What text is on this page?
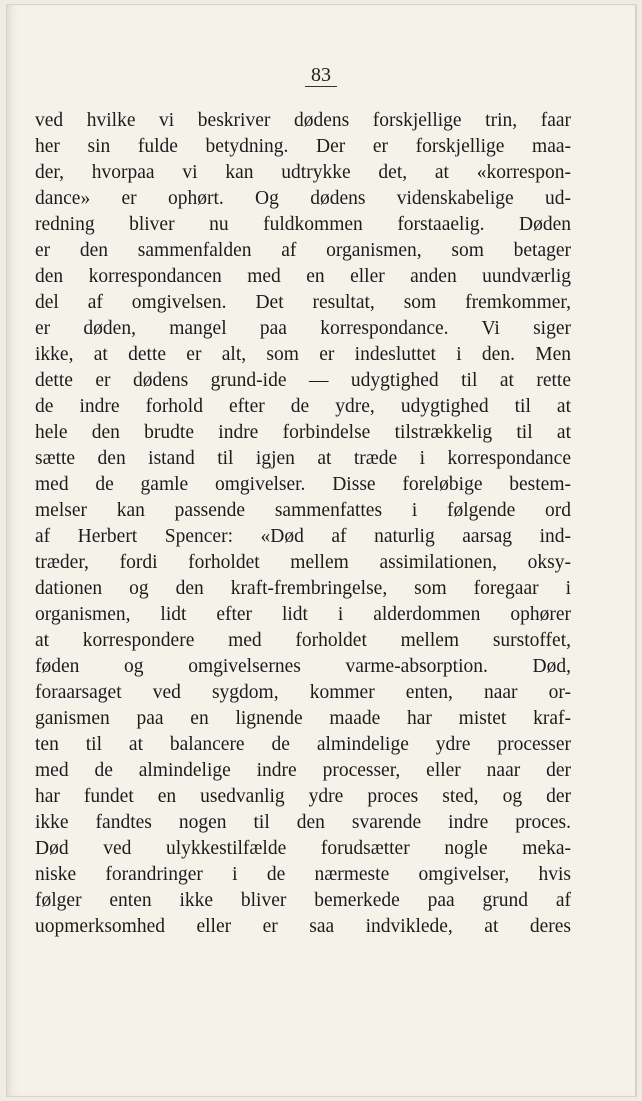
83
ved hvilke vi beskriver dødens forskjellige trin, faar
her sin fulde betydning. Der er forskjellige maa-
der, hvorpaa vi kan udtrykke det, at «korrespon-
dance» er ophørt. Og dødens videnskabelige ud-
redning bliver nu fuldkommen forstaaelig. Døden
er den sammenfalden af organismen, som betager
den korrespondancen med en eller anden uundværlig
del af omgivelsen. Det resultat, som fremkommer,
er døden, mangel paa korrespondance. Vi siger
ikke, at dette er alt, som er indesluttet i den. Men
dette er dødens grund-ide — udygtighed til at rette
de indre forhold efter de ydre, udygtighed til at
hele den brudte indre forbindelse tilstrækkelig til at
sætte den istand til igjen at træde i korrespondance
med de gamle omgivelser. Disse foreløbige bestem-
melser kan passende sammenfattes i følgende ord
af Herbert Spencer: «Død af naturlig aarsag ind-
træder, fordi forholdet mellem assimilationen, oksy-
dationen og den kraft-frembringelse, som foregaar i
organismen, lidt efter lidt i alderdommen ophører
at korrespondere med forholdet mellem surstoffet,
føden og omgivelsernes varme-absorption. Død,
foraarsaget ved sygdom, kommer enten, naar or-
ganismen paa en lignende maade har mistet kraf-
ten til at balancere de almindelige ydre processer
med de almindelige indre processer, eller naar der
har fundet en usedvanlig ydre proces sted, og der
ikke fandtes nogen til den svarende indre proces.
Død ved ulykkestilfælde forudsætter nogle meka-
niske forandringer i de nærmeste omgivelser, hvis
følger enten ikke bliver bemerkede paa grund af
uopmerksomhed eller er saa indviklede, at deres
